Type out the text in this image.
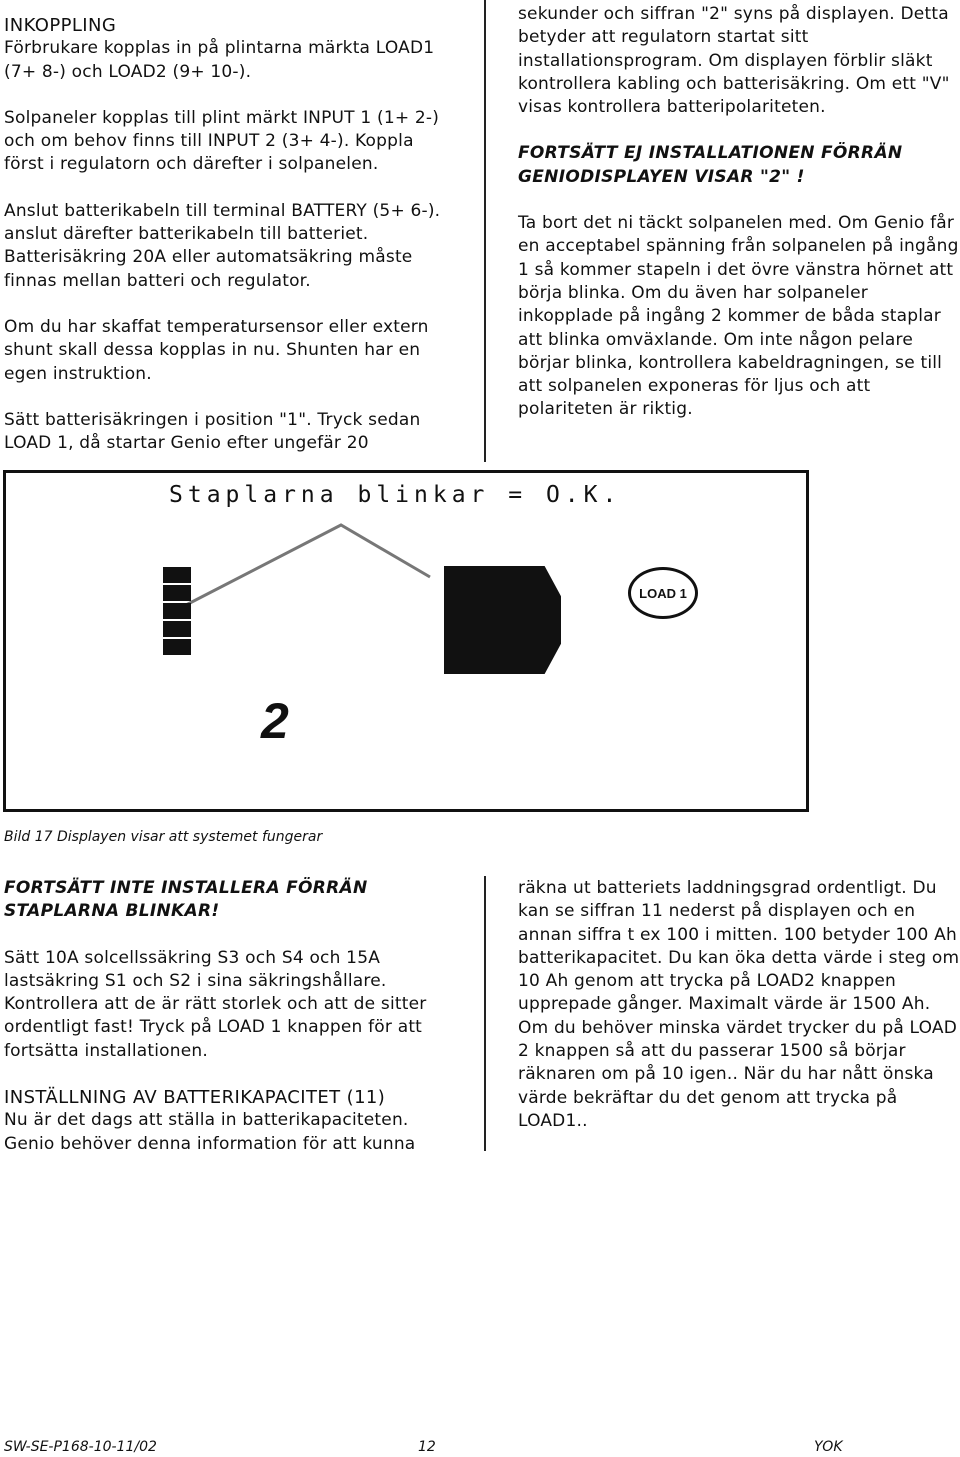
INKOPPLING

Förbrukare kopplas in på plintarna märkta LOAD1 (7+ 8-) och LOAD2 (9+ 10-).

Solpaneler kopplas till plint märkt INPUT 1 (1+ 2-) och om behov finns till INPUT 2 (3+ 4-). Koppla först i regulatorn och därefter i solpanelen.

Anslut batterikabeln till terminal BATTERY (5+ 6-). anslut därefter batterikabeln till batteriet. Batterisäkring 20A eller automatsäkring måste finnas mellan batteri och regulator.

Om du har skaffat temperatursensor eller extern shunt skall dessa kopplas in nu. Shunten har en egen instruktion.

Sätt batterisäkringen i position "1". Tryck sedan LOAD 1, då startar Genio efter ungefär 20

sekunder och siffran "2" syns på displayen. Detta betyder att regulatorn startat sitt installationsprogram. Om displayen förblir släkt kontrollera kabling och batterisäkring. Om ett "V" visas kontrollera batteripolariteten.

FORTSÄTT EJ INSTALLATIONEN FÖRRÄN GENIODISPLAYEN VISAR "2" !

Ta bort det ni täckt solpanelen med. Om Genio får en acceptabel spänning från solpanelen på ingång 1 så kommer stapeln i det övre vänstra hörnet att börja blinka. Om du även har solpaneler inkopplade på ingång 2 kommer de båda staplar att blinka omväxlande. Om inte någon pelare börjar blinka, kontrollera kabeldragningen, se till att solpanelen exponeras för ljus och att polariteten är riktig.

Staplarna blinkar = O.K.
LOAD 1
2
Bild 17 Displayen visar att systemet fungerar

FORTSÄTT INTE INSTALLERA FÖRRÄN STAPLARNA BLINKAR!

Sätt 10A solcellssäkring S3 och S4 och 15A lastsäkring S1 och S2 i sina säkringshållare. Kontrollera att de är rätt storlek och att de sitter ordentligt fast! Tryck på LOAD 1 knappen för att fortsätta installationen.

INSTÄLLNING AV BATTERIKAPACITET (11)

Nu är det dags att ställa in batterikapaciteten. Genio behöver denna information för att kunna

räkna ut batteriets laddningsgrad ordentligt. Du kan se siffran 11 nederst på displayen och en annan siffra t ex 100 i mitten. 100 betyder 100 Ah batterikapacitet. Du kan öka detta värde i steg om 10 Ah genom att trycka på LOAD2 knappen upprepade gånger. Maximalt värde är 1500 Ah. Om du behöver minska värdet trycker du på LOAD 2 knappen så att du passerar 1500 så börjar räknaren om på 10 igen.. När du har nått önska värde bekräftar du det genom att trycka på LOAD1..

SW-SE-P168-10-11/02	12	YOK
